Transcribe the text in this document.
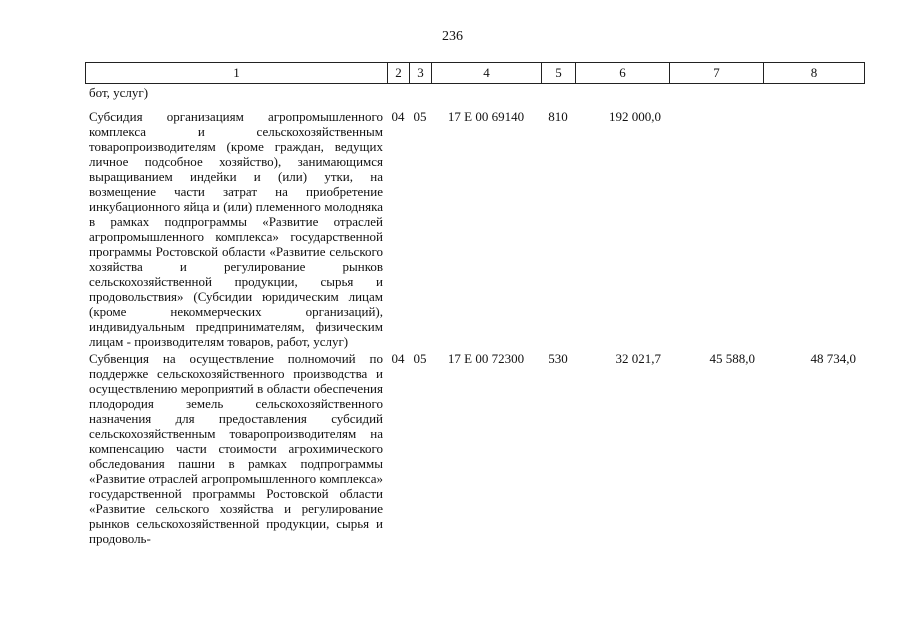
236
1	2	3	4	5	6	7	8
бот, услуг)							

Субсидия организациям агропромышленного комплекса и сельскохозяйственным товаропроизводителям (кроме граждан, ведущих личное подсобное хозяйство), занимающимся выращиванием индейки и (или) утки, на возмещение части затрат на приобретение инкубационного яйца и (или) племенного молодняка в рамках подпрограммы «Развитие отраслей агропромышленного комплекса» государственной программы Ростовской области «Развитие сельского хозяйства и регулирование рынков сельскохозяйственной продукции, сырья и продовольствия» (Субсидии юридическим лицам (кроме некоммерческих организаций), индивидуальным предпринимателям, физическим лицам - производителям товаров, работ, услуг)	04	05	17 Е 00 69140	810	192 000,0		

Субвенция на осуществление полномочий по поддержке сельскохозяйственного производства и осуществлению мероприятий в области обеспечения плодородия земель сельскохозяйственного назначения для предоставления субсидий сельскохозяйственным товаропроизводителям на компенсацию части стоимости агрохимического обследования пашни в рамках подпрограммы «Развитие отраслей агропромышленного комплекса» государственной программы Ростовской области «Развитие сельского хозяйства и регулирование рынков сельскохозяйственной продукции, сырья и продоволь-	04	05	17 Е 00 72300	530	32 021,7	45 588,0	48 734,0
